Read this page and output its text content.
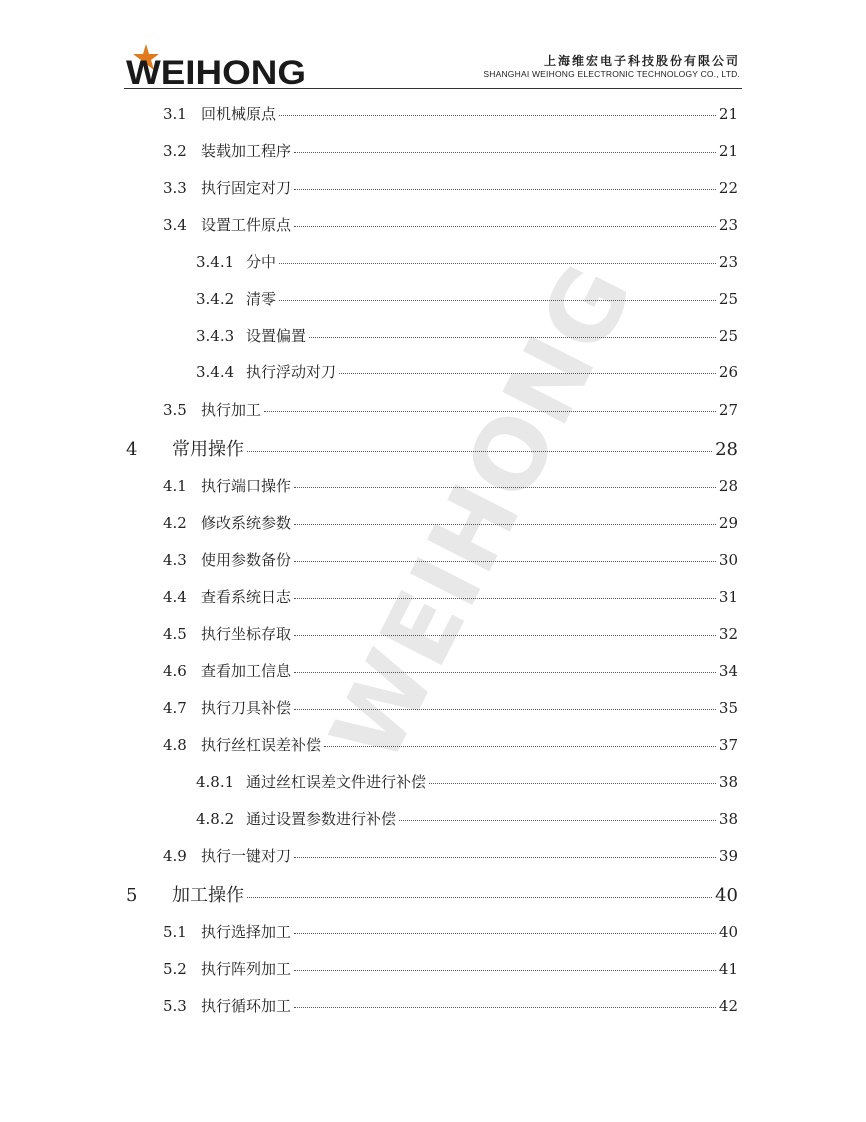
WEIHONG	上海维宏电子科技股份有限公司
SHANGHAI WEIHONG ELECTRONIC TECHNOLOGY CO., LTD.
WEIHONG
3.1 回机械原点	21
3.2 装载加工程序	21
3.3 执行固定对刀	22
3.4 设置工件原点	23
3.4.1 分中	23
3.4.2 清零	25
3.4.3 设置偏置	25
3.4.4 执行浮动对刀	26
3.5 执行加工	27
4	常用操作	28
4.1 执行端口操作	28
4.2 修改系统参数	29
4.3 使用参数备份	30
4.4 查看系统日志	31
4.5 执行坐标存取	32
4.6 查看加工信息	34
4.7 执行刀具补偿	35
4.8 执行丝杠误差补偿	37
4.8.1 通过丝杠误差文件进行补偿	38
4.8.2 通过设置参数进行补偿	38
4.9 执行一键对刀	39
5	加工操作	40
5.1 执行选择加工	40
5.2 执行阵列加工	41
5.3 执行循环加工	42
